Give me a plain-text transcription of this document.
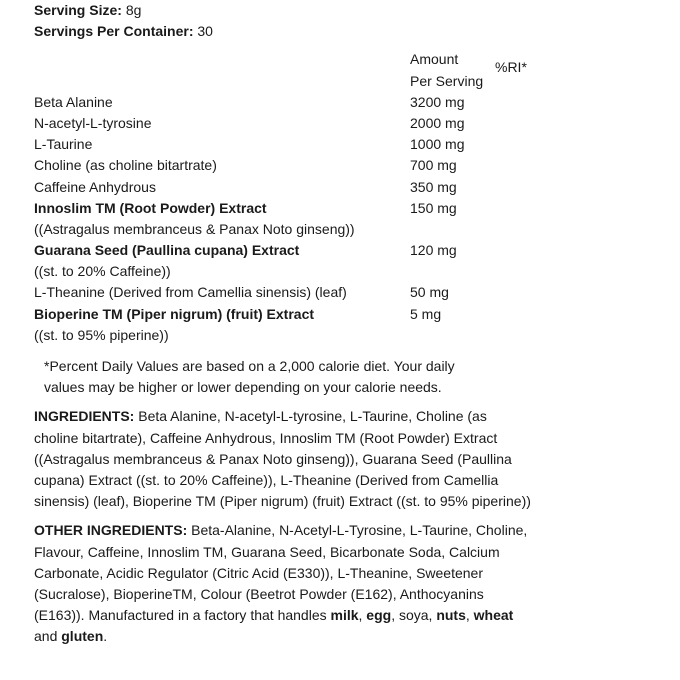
Serving Size: 8g
Servings Per Container: 30
Amount
Per Serving
%RI*
Beta Alanine	3200 mg
N-acetyl-L-tyrosine	2000 mg
L-Taurine	1000 mg
Choline (as choline bitartrate)	700 mg
Caffeine Anhydrous	350 mg
Innoslim TM (Root Powder) Extract	150 mg
((Astragalus membranceus & Panax Noto ginseng))
Guarana Seed (Paullina cupana) Extract	120 mg
((st. to 20% Caffeine))
L-Theanine (Derived from Camellia sinensis) (leaf)	50 mg
Bioperine TM (Piper nigrum) (fruit) Extract	5 mg
((st. to 95% piperine))
*Percent Daily Values are based on a 2,000 calorie diet. Your daily values may be higher or lower depending on your calorie needs.
INGREDIENTS: Beta Alanine, N-acetyl-L-tyrosine, L-Taurine, Choline (as choline bitartrate), Caffeine Anhydrous, Innoslim TM (Root Powder) Extract ((Astragalus membranceus & Panax Noto ginseng)), Guarana Seed (Paullina cupana) Extract ((st. to 20% Caffeine)), L-Theanine (Derived from Camellia sinensis) (leaf), Bioperine TM (Piper nigrum) (fruit) Extract ((st. to 95% piperine))
OTHER INGREDIENTS: Beta-Alanine, N-Acetyl-L-Tyrosine, L-Taurine, Choline, Flavour, Caffeine, Innoslim TM, Guarana Seed, Bicarbonate Soda, Calcium Carbonate, Acidic Regulator (Citric Acid (E330)), L-Theanine, Sweetener (Sucralose), BioperineTM, Colour (Beetrot Powder (E162), Anthocyanins (E163)). Manufactured in a factory that handles milk, egg, soya, nuts, wheat and gluten.
